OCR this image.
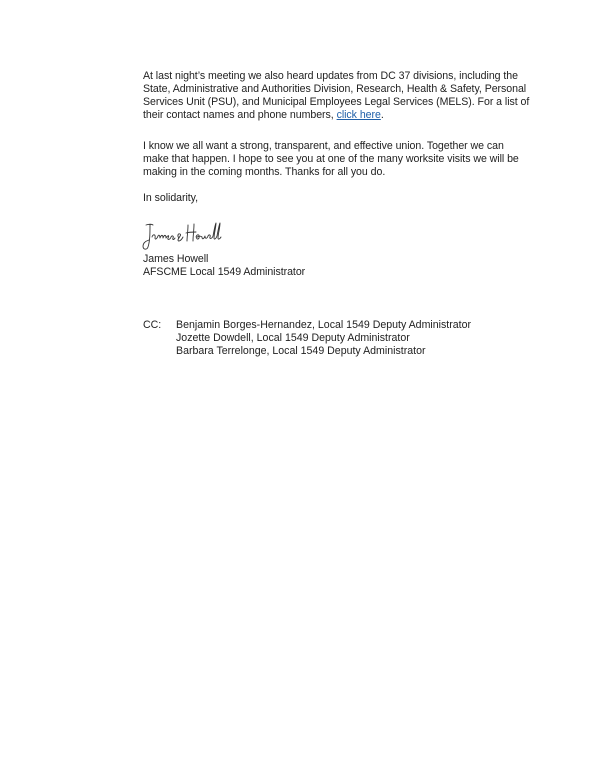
At last night’s meeting we also heard updates from DC 37 divisions, including the
State, Administrative and Authorities Division, Research, Health & Safety, Personal
Services Unit (PSU), and Municipal Employees Legal Services (MELS). For a list of
their contact names and phone numbers, click here.
I know we all want a strong, transparent, and effective union. Together we can
make that happen. I hope to see you at one of the many worksite visits we will be
making in the coming months. Thanks for all you do.
In solidarity,
James Howell
AFSCME Local 1549 Administrator
CC: Benjamin Borges-Hernandez, Local 1549 Deputy Administrator
Jozette Dowdell, Local 1549 Deputy Administrator
Barbara Terrelonge, Local 1549 Deputy Administrator
